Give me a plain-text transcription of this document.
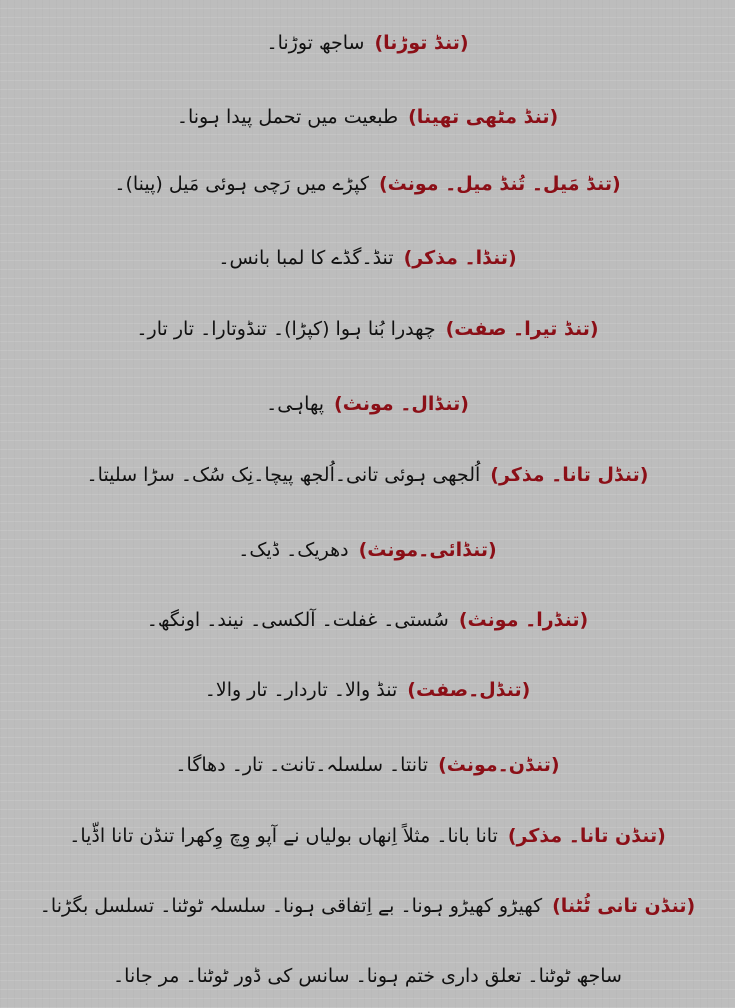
(تنڈ توڑنا)
ساجھ توڑنا۔
(تنڈ مٹھی تھینا)
طبعیت میں تحمل پیدا ہونا۔
(تنڈ مَیل۔ تُنڈ میل۔ مونث)
کپڑے میں رَچی ہوئی مَیل (پینا)۔
(تنڈا۔ مذکر)
تنڈ۔گڈے کا لمبا بانس۔
(تنڈ تیرا۔ صفت)
چھدرا بُنا ہوا (کپڑا)۔ تنڈوتارا۔ تار تار۔
(تنڈال۔ مونث)
پھاہی۔
(تنڈل تانا۔ مذکر)
اُلجھی ہوئی تانی۔اُلجھ پیچا۔نِک سُک۔ سڑا سلیتا۔
(تنڈائی۔مونث)
دھریک۔ ڈیک۔
(تنڈرا۔ مونث)
سُستی۔ غفلت۔ آلکسی۔ نیند۔ اونگھ۔
(تنڈل۔صفت)
تنڈ والا۔ تاردار۔ تار والا۔
(تنڈن۔مونث)
تانتا۔ سلسلہ۔تانت۔ تار۔ دھاگا۔
(تنڈن تانا۔ مذکر)
تانا بانا۔ مثلاً اِنھاں بولیاں نے آپو وِچ وِکھرا تنڈن تانا اڈّیا۔
(تنڈن تانی ٹُٹنا)
کھیڑو کھیڑو ہونا۔ بے اِتفاقی ہونا۔ سلسلہ ٹوٹنا۔ تسلسل بگڑنا۔
ساجھ ٹوٹنا۔ تعلق داری ختم ہونا۔ سانس کی ڈور ٹوٹنا۔ مر جانا۔
